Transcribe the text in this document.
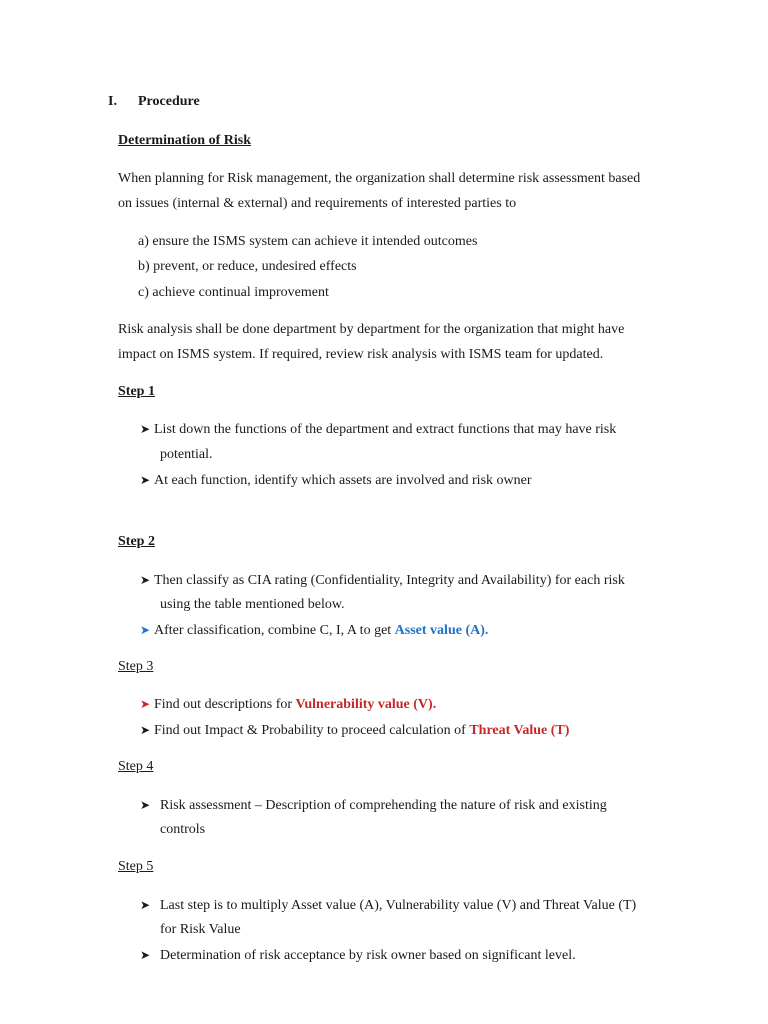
I. Procedure
Determination of Risk
When planning for Risk management, the organization shall determine risk assessment based
on issues (internal & external) and requirements of interested parties to
a) ensure the ISMS system can achieve it intended outcomes
b) prevent, or reduce, undesired effects
c) achieve continual improvement
Risk analysis shall be done department by department for the organization that might have
impact on ISMS system. If required, review risk analysis with ISMS team for updated.
Step 1
➤ List down the functions of the department and extract functions that may have risk
potential.
➤ At each function, identify which assets are involved and risk owner
Step 2
➤ Then classify as CIA rating (Confidentiality, Integrity and Availability) for each risk
using the table mentioned below.
➤ After classification, combine C, I, A to get Asset value (A).
Step 3
➤ Find out descriptions for Vulnerability value (V).
➤ Find out Impact & Probability to proceed calculation of Threat Value (T)
Step 4
➤ Risk assessment – Description of comprehending the nature of risk and existing
controls
Step 5
➤ Last step is to multiply Asset value (A), Vulnerability value (V) and Threat Value (T)
for Risk Value
➤ Determination of risk acceptance by risk owner based on significant level.
